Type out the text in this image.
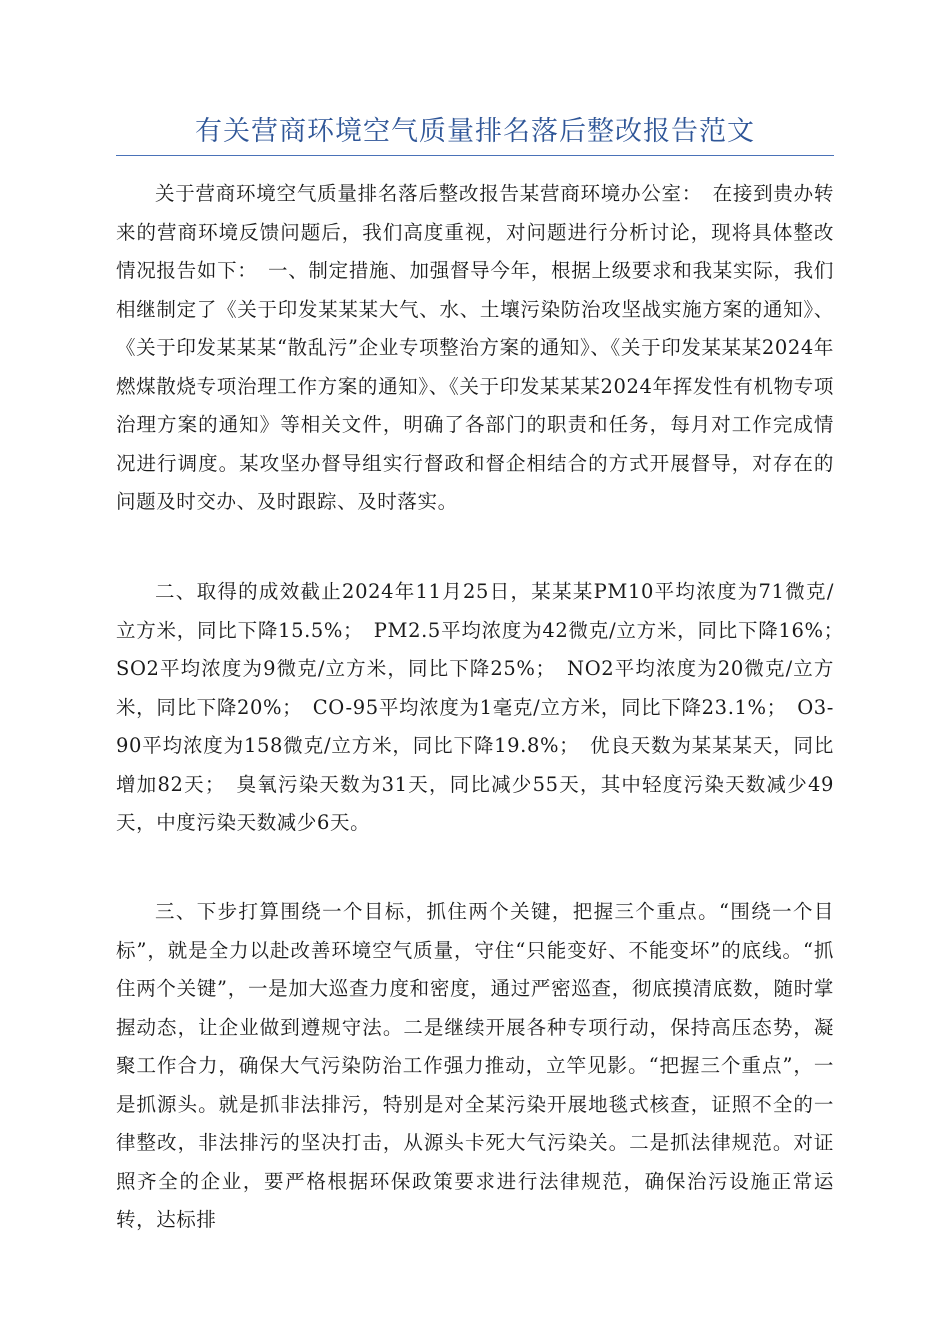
有关营商环境空气质量排名落后整改报告范文

关于营商环境空气质量排名落后整改报告某营商环境办公室：　在接到贵办转来的营商环境反馈问题后，我们高度重视，对问题进行分析讨论，现将具体整改情况报告如下：　一、制定措施、加强督导今年，根据上级要求和我某实际，我们相继制定了《关于印发某某某大气、水、土壤污染防治攻坚战实施方案的通知》、《关于印发某某某“散乱污”企业专项整治方案的通知》、《关于印发某某某2024年燃煤散烧专项治理工作方案的通知》、《关于印发某某某2024年挥发性有机物专项治理方案的通知》等相关文件，明确了各部门的职责和任务，每月对工作完成情况进行调度。某攻坚办督导组实行督政和督企相结合的方式开展督导，对存在的问题及时交办、及时跟踪、及时落实。

二、取得的成效截止2024年11月25日，某某某PM10平均浓度为71微克/立方米，同比下降15.5%；　PM2.5平均浓度为42微克/立方米，同比下降16%；　SO2平均浓度为9微克/立方米，同比下降25%；　NO2平均浓度为20微克/立方米，同比下降20%；　CO-95平均浓度为1毫克/立方米，同比下降23.1%；　O3-90平均浓度为158微克/立方米，同比下降19.8%；　优良天数为某某某天，同比增加82天；　臭氧污染天数为31天，同比减少55天，其中轻度污染天数减少49天，中度污染天数减少6天。

三、下步打算围绕一个目标，抓住两个关键，把握三个重点。“围绕一个目标”，就是全力以赴改善环境空气质量，守住“只能变好、不能变坏”的底线。“抓住两个关键”，一是加大巡查力度和密度，通过严密巡查，彻底摸清底数，随时掌握动态，让企业做到遵规守法。二是继续开展各种专项行动，保持高压态势，凝聚工作合力，确保大气污染防治工作强力推动，立竿见影。“把握三个重点”，一是抓源头。就是抓非法排污，特别是对全某污染开展地毯式核查，证照不全的一律整改，非法排污的坚决打击，从源头卡死大气污染关。二是抓法律规范。对证照齐全的企业，要严格根据环保政策要求进行法律规范，确保治污设施正常运转，达标排
